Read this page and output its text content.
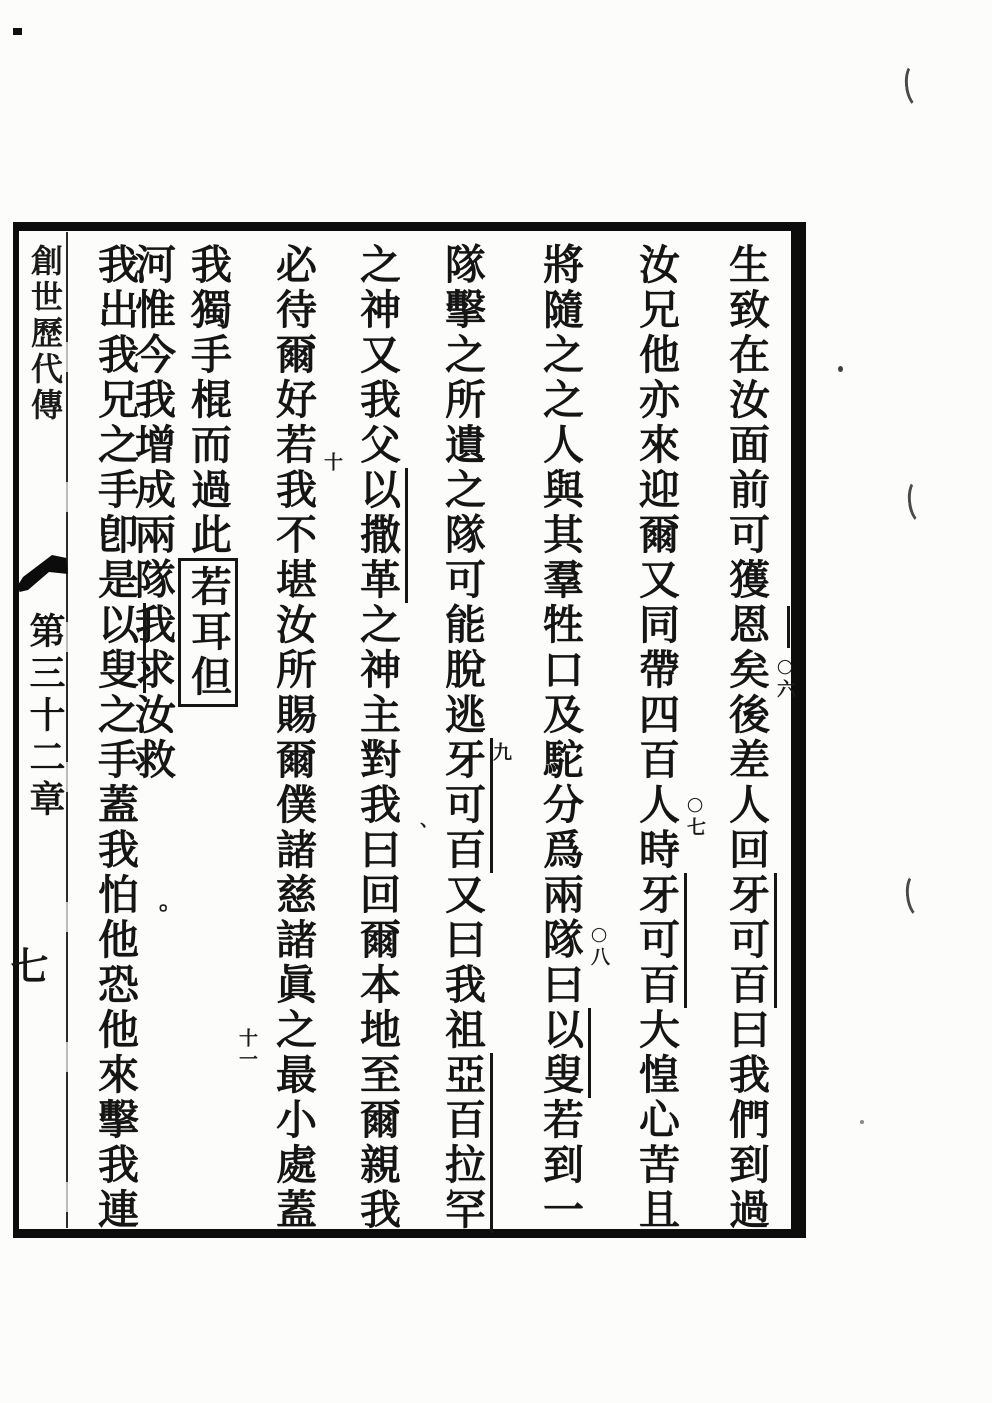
創世歷代傳
第三十二章
七
生致在汝面前可獲恩矣後差人回牙可百曰我們到過
○六
汝兄他亦來迎爾又同帶四百人時牙可百大惶心苦且
○七
將隨之之人與其羣牲口及駝分爲兩隊曰以叟若到一
○八
隊擊之所遺之隊可能脫逃牙可百又曰我祖亞百拉罕
九
之神又我父以撒革之神主對我曰回爾本地至爾親我 、
必待爾好若我不堪汝所賜爾僕諸慈諸眞之最小處蓋 十
我獨手棍而過此若耳但河惟今我增成兩隊我求汝救
十一
我出我兄之手卽是以叟之手蓋我怕他恐他來擊我連 。
